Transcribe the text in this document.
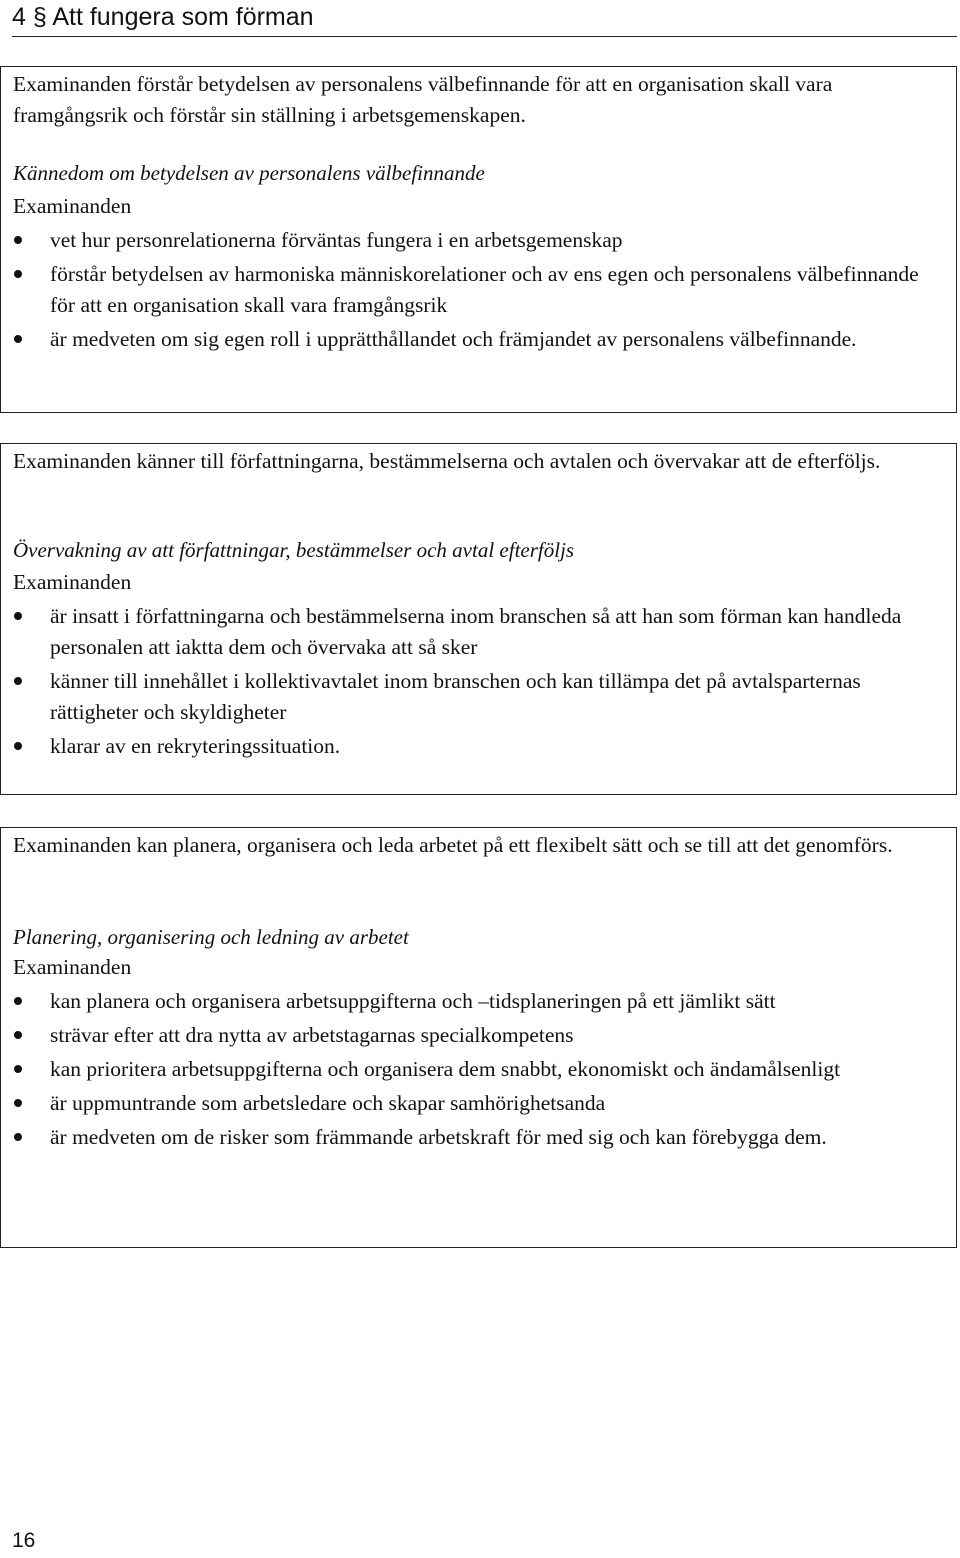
4 § Att fungera som förman
Examinanden förstår betydelsen av personalens välbefinnande för att en organisation skall vara framgångsrik och förstår sin ställning i arbetsgemenskapen.
Kännedom om betydelsen av personalens välbefinnande
Examinanden
vet hur personrelationerna förväntas fungera i en arbetsgemenskap
förstår betydelsen av harmoniska människorelationer och av ens egen och personalens välbefinnande för att en organisation skall vara framgångsrik
är medveten om sig egen roll i upprätthållandet och främjandet av personalens välbefinnande.
Examinanden känner till författningarna, bestämmelserna och avtalen och övervakar att de efterföljs.
Övervakning av att författningar, bestämmelser och avtal efterföljs
Examinanden
är insatt i författningarna och bestämmelserna inom branschen så att han som förman kan handleda personalen att iaktta dem och övervaka att så sker
känner till innehållet i kollektivavtalet inom branschen och kan tillämpa det på avtalsparternas rättigheter och skyldigheter
klarar av en rekryteringssituation.
Examinanden kan planera, organisera och leda arbetet på ett flexibelt sätt och se till att det genomförs.
Planering, organisering och ledning av arbetet
Examinanden
kan planera och organisera arbetsuppgifterna och –tidsplaneringen på ett jämlikt sätt
strävar efter att dra nytta av arbetstagarnas specialkompetens
kan prioritera arbetsuppgifterna och organisera dem snabbt, ekonomiskt och ändamålsenligt
är uppmuntrande som arbetsledare och skapar samhörighetsanda
är medveten om de risker som främmande arbetskraft för med sig och kan förebygga dem.
16
